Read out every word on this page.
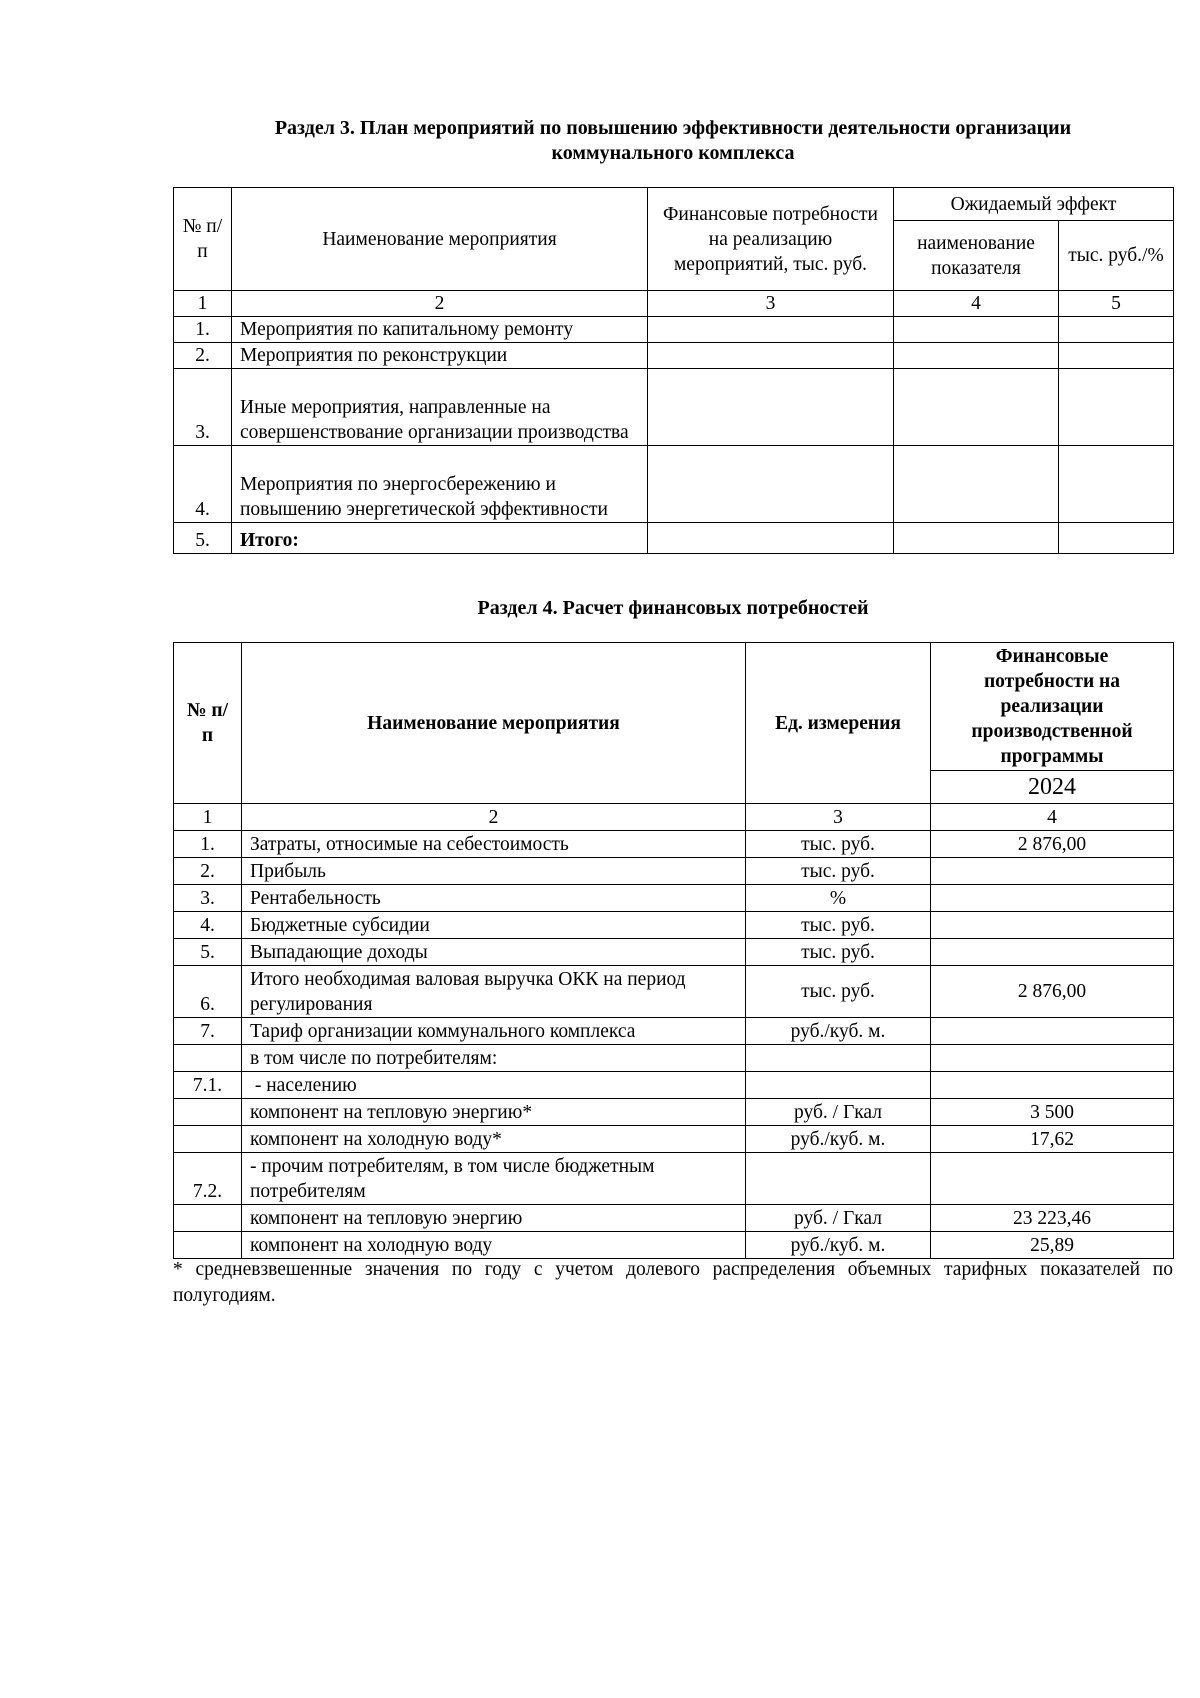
Раздел 3. План мероприятий по повышению эффективности деятельности организации
коммунального комплекса
№ п/п	Наименование мероприятия	Финансовые потребности на реализацию мероприятий, тыс. руб.	Ожидаемый эффект	
			наименование показателя	тыс. руб./%
1	2	3	4	5
1.	Мероприятия по капитальному ремонту			
2.	Мероприятия по реконструкции			
3.	Иные мероприятия, направленные на совершенствование организации производства			
4.	Мероприятия по энергосбережению и повышению энергетической эффективности			
5.	Итого:			
Раздел 4. Расчет финансовых потребностей
№ п/п	Наименование мероприятия	Ед. измерения	Финансовые потребности на реализации производственной программы
			2024
1	2	3	4
1.	Затраты, относимые на себестоимость	тыс. руб.	2 876,00
2.	Прибыль	тыс. руб.	
3.	Рентабельность	%	
4.	Бюджетные субсидии	тыс. руб.	
5.	Выпадающие доходы	тыс. руб.	
6.	Итого необходимая валовая выручка ОКК на период регулирования	тыс. руб.	2 876,00
7.	Тариф организации коммунального комплекса	руб./куб. м.	
	в том числе по потребителям:		
7.1.	- населению		
	компонент на тепловую энергию*	руб. / Гкал	3 500
	компонент на холодную воду*	руб./куб. м.	17,62
7.2.	- прочим потребителям, в том числе бюджетным потребителям		
	компонент на тепловую энергию	руб. / Гкал	23 223,46
	компонент на холодную воду	руб./куб. м.	25,89
* средневзвешенные значения по году с учетом долевого распределения объемных тарифных показателей по полугодиям.
